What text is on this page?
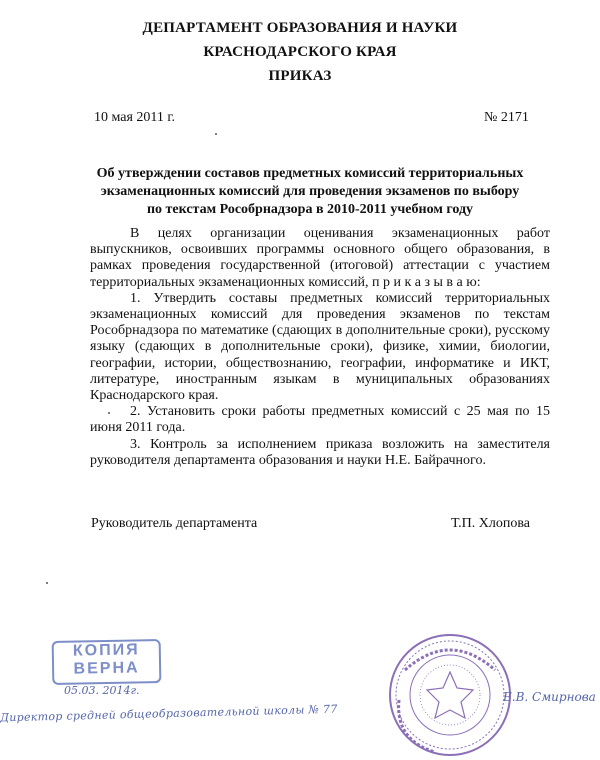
ДЕПАРТАМЕНТ ОБРАЗОВАНИЯ И НАУКИ
КРАСНОДАРСКОГО КРАЯ
ПРИКАЗ
10 мая 2011 г.	№ 2171
Об утверждении составов предметных комиссий территориальных
экзаменационных комиссий для проведения экзаменов по выбору
по текстам Рособрнадзора в 2010-2011 учебном году

В целях организации оценивания экзаменационных работ выпускников, освоивших программы основного общего образования, в рамках проведения государственной (итоговой) аттестации с участием территориальных экзаменационных комиссий, п р и к а з ы в а ю:

1. Утвердить составы предметных комиссий территориальных экзаменационных комиссий для проведения экзаменов по текстам Рособрнадзора по математике (сдающих в дополнительные сроки), русскому языку (сдающих в дополнительные сроки), физике, химии, биологии, географии, истории, обществознанию, географии, информатике и ИКТ, литературе, иностранным языкам в муниципальных образованиях Краснодарского края.

2. Установить сроки работы предметных комиссий с 25 мая по 15 июня 2011 года.

3. Контроль за исполнением приказа возложить на заместителя руководителя департамента образования и науки Н.Е. Байрачного.

Руководитель департамента	Т.П. Хлопова
КОПИЯ
ВЕРНА
05.03. 2014г.
Директор средней общеобразовательной школы № 77
Е.В. Смирнова
